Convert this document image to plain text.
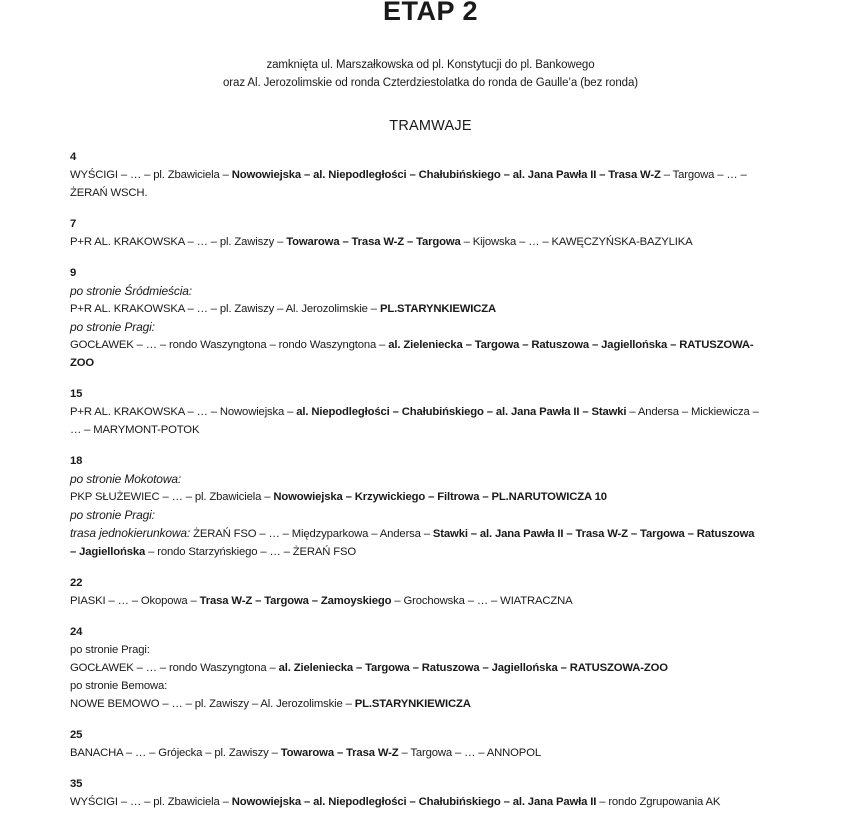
ETAP 2
zamknięta ul. Marszałkowska od pl. Konstytucji do pl. Bankowego
oraz Al. Jerozolimskie od ronda Czterdziestolatka do ronda de Gaulle’a (bez ronda)
TRAMWAJE
4
WYŚCIGI – … – pl. Zbawiciela – Nowowiejska – al. Niepodległości – Chałubińskiego – al. Jana Pawła II – Trasa W-Z – Targowa – … –
ŻERAŃ WSCH.
7
P+R AL. KRAKOWSKA – … – pl. Zawiszy – Towarowa – Trasa W-Z – Targowa – Kijowska – … – KAWĘCZYŃSKA-BAZYLIKA
9
po stronie Śródmieścia:
P+R AL. KRAKOWSKA – … – pl. Zawiszy – Al. Jerozolimskie – PL.STARYNKIEWICZA
po stronie Pragi:
GOCŁAWEK – … – rondo Waszyngtona – rondo Waszyngtona – al. Zieleniecka – Targowa – Ratuszowa – Jagiellońska – RATUSZOWA-
ZOO
15
P+R AL. KRAKOWSKA – … – Nowowiejska – al. Niepodległości – Chałubińskiego – al. Jana Pawła II – Stawki – Andersa – Mickiewicza –
… – MARYMONT-POTOK
18
po stronie Mokotowa:
PKP SŁUŻEWIEC – … – pl. Zbawiciela – Nowowiejska – Krzywickiego – Filtrowa – PL.NARUTOWICZA 10
po stronie Pragi:
trasa jednokierunkowa: ŻERAŃ FSO – … – Międzyparkowa – Andersa – Stawki – al. Jana Pawła II – Trasa W-Z – Targowa – Ratuszowa
– Jagiellońska – rondo Starzyńskiego – … – ŻERAŃ FSO
22
PIASKI – … – Okopowa – Trasa W-Z – Targowa – Zamoyskiego – Grochowska – … – WIATRACZNA
24
po stronie Pragi:
GOCŁAWEK – … – rondo Waszyngtona – al. Zieleniecka – Targowa – Ratuszowa – Jagiellońska – RATUSZOWA-ZOO
po stronie Bemowa:
NOWE BEMOWO – … – pl. Zawiszy – Al. Jerozolimskie – PL.STARYNKIEWICZA
25
BANACHA – … – Grójecka – pl. Zawiszy – Towarowa – Trasa W-Z – Targowa – … – ANNOPOL
35
WYŚCIGI – … – pl. Zbawiciela – Nowowiejska – al. Niepodległości – Chałubińskiego – al. Jana Pawła II – rondo Zgrupowania AK
